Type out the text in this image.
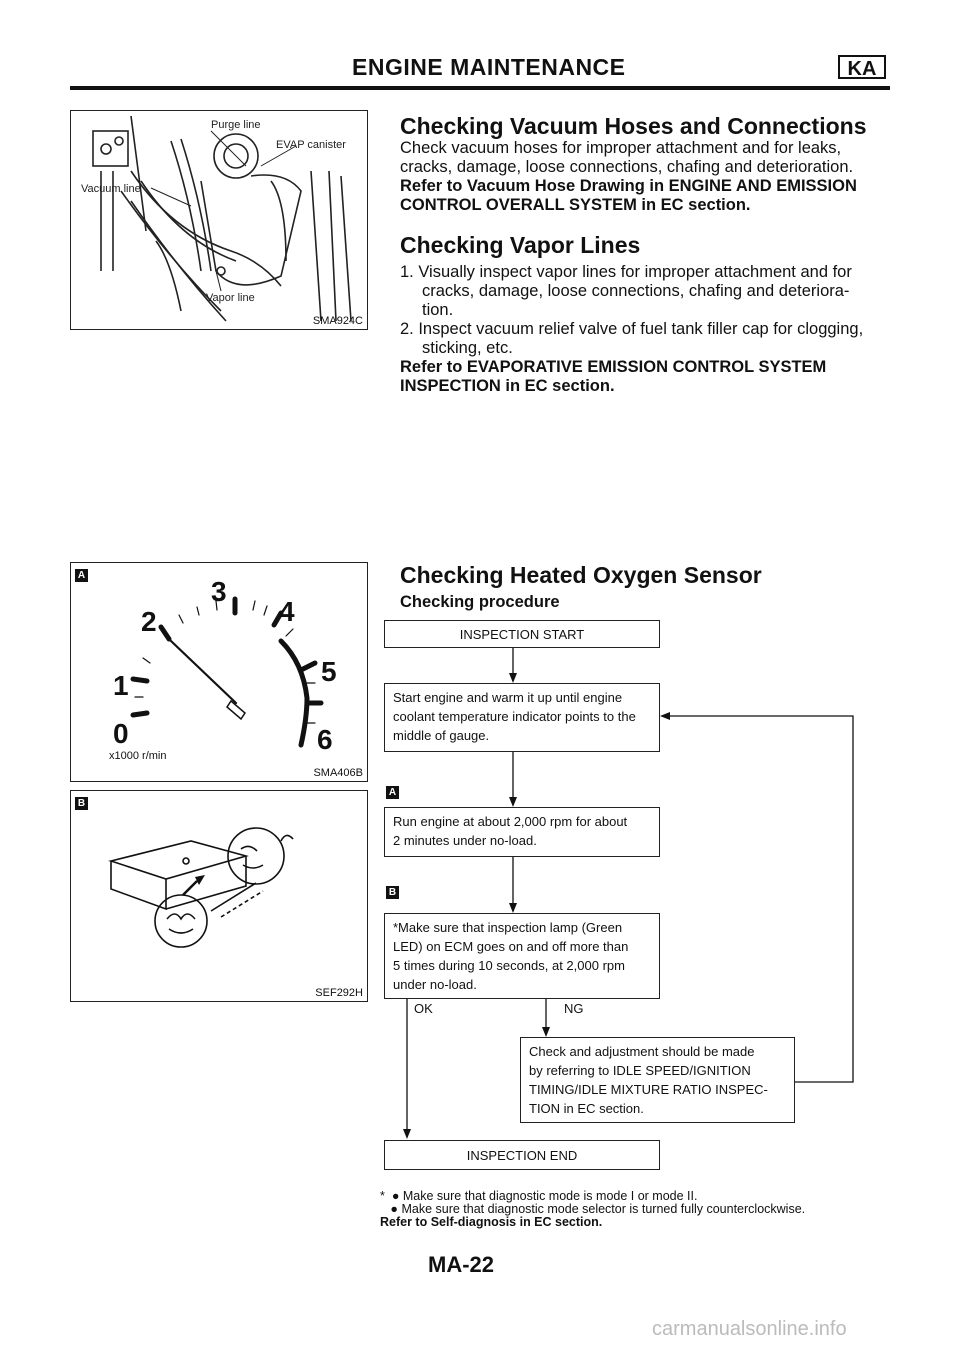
ENGINE MAINTENANCE	KA
Purge line
EVAP canister
Vacuum line
Vapor line
SMA924C
Checking Vacuum Hoses and Connections
Check vacuum hoses for improper attachment and for leaks,
cracks, damage, loose connections, chafing and deterioration.
Refer to Vacuum Hose Drawing in ENGINE AND EMISSION
CONTROL OVERALL SYSTEM in EC section.
Checking Vapor Lines
1. Visually inspect vapor lines for improper attachment and for
cracks, damage, loose connections, chafing and deteriora-
tion.
2. Inspect vacuum relief valve of fuel tank filler cap for clogging,
sticking, etc.
Refer to EVAPORATIVE EMISSION CONTROL SYSTEM
INSPECTION in EC section.
A
0
1
2
3
4
5
6
x1000 r/min
SMA406B
B
SEF292H
Checking Heated Oxygen Sensor
Checking procedure
INSPECTION START
Start engine and warm it up until engine
coolant temperature indicator points to the
middle of gauge.
A
Run engine at about 2,000 rpm for about
2 minutes under no-load.
B
*Make sure that inspection lamp (Green
LED) on ECM goes on and off more than
5 times during 10 seconds, at 2,000 rpm
under no-load.
OK	NG
Check and adjustment should be made
by referring to IDLE SPEED/IGNITION
TIMING/IDLE MIXTURE RATIO INSPEC-
TION in EC section.
INSPECTION END
* ● Make sure that diagnostic mode is mode I or mode II.
● Make sure that diagnostic mode selector is turned fully counterclockwise.
Refer to Self-diagnosis in EC section.
MA-22
carmanualsonline.info
